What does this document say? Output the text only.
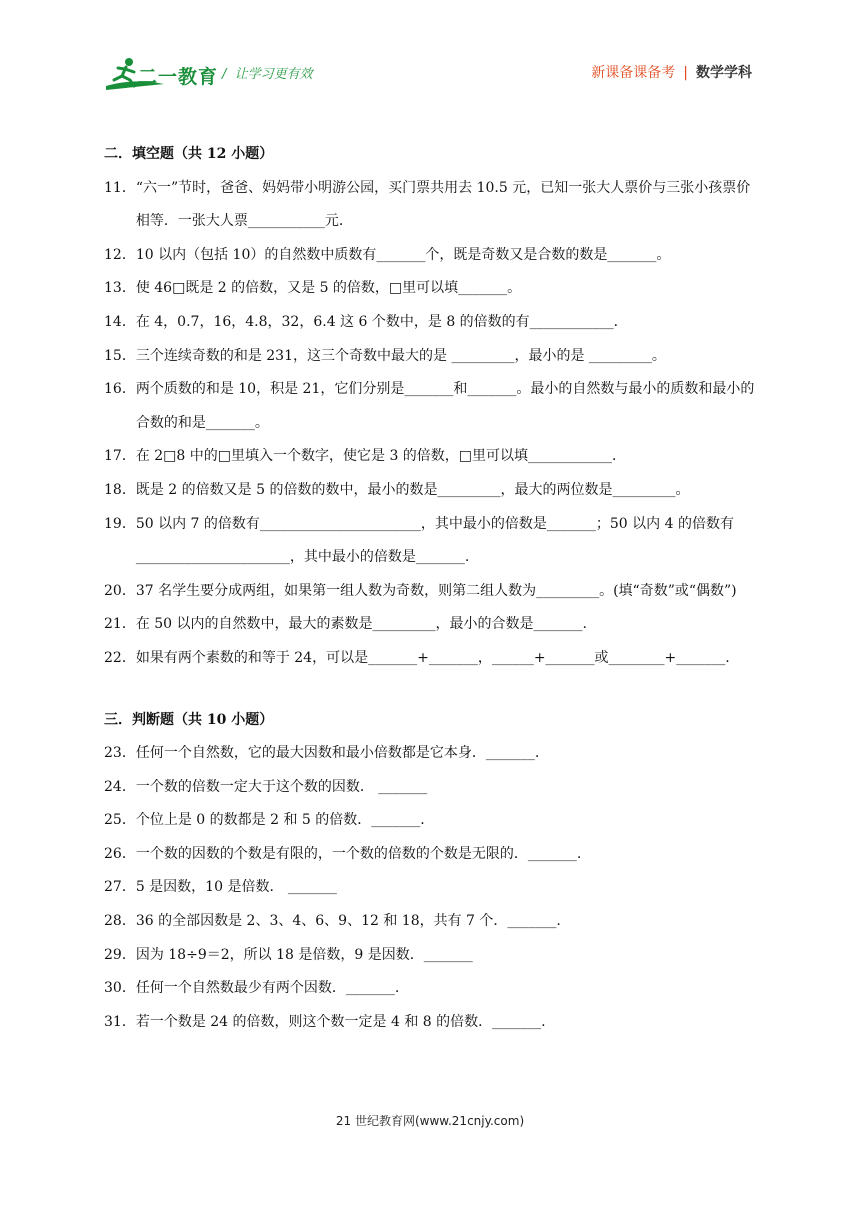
二一教育 /  让学习更有效	新课备课备考 | 数学学科
二．填空题（共 12 小题）
11． “六一”节时，爸爸、妈妈带小明游公园，买门票共用去 10.5 元，已知一张大人票价与三张小孩票价相等．一张大人票___________元．
12． 10 以内（包括 10）的自然数中质数有_______个，既是奇数又是合数的数是_______。
13． 使 46□既是 2 的倍数，又是 5 的倍数，□里可以填_______。
14． 在 4，0.7，16，4.8，32，6.4 这 6 个数中，是 8 的倍数的有____________．
15． 三个连续奇数的和是 231，这三个奇数中最大的是 _________，最小的是 _________。
16． 两个质数的和是 10，积是 21，它们分别是_______和_______。最小的自然数与最小的质数和最小的合数的和是_______。
17． 在 2□8 中的□里填入一个数字，使它是 3 的倍数，□里可以填____________．
18． 既是 2 的倍数又是 5 的倍数的数中，最小的数是_________，最大的两位数是_________。
19． 50 以内 7 的倍数有_______________________，其中最小的倍数是_______；50 以内 4 的倍数有______________________，其中最小的倍数是_______.
20． 37 名学生要分成两组，如果第一组人数为奇数，则第二组人数为_________。(填“奇数”或“偶数”)
21． 在 50 以内的自然数中，最大的素数是_________，最小的合数是_______.
22． 如果有两个素数的和等于 24，可以是_______+_______，______+_______或________+_______.
三．判断题（共 10 小题）
23． 任何一个自然数，它的最大因数和最小倍数都是它本身．_______.
24． 一个数的倍数一定大于这个数的因数． _______
25． 个位上是 0 的数都是 2 和 5 的倍数．_______.
26． 一个数的因数的个数是有限的，一个数的倍数的个数是无限的．_______.
27． 5 是因数，10 是倍数． _______
28． 36 的全部因数是 2、3、4、6、9、12 和 18，共有 7 个．_______.
29． 因为 18÷9＝2，所以 18 是倍数，9 是因数．_______
30． 任何一个自然数最少有两个因数．_______.
31． 若一个数是 24 的倍数，则这个数一定是 4 和 8 的倍数．_______.
21 世纪教育网(www.21cnjy.com)
